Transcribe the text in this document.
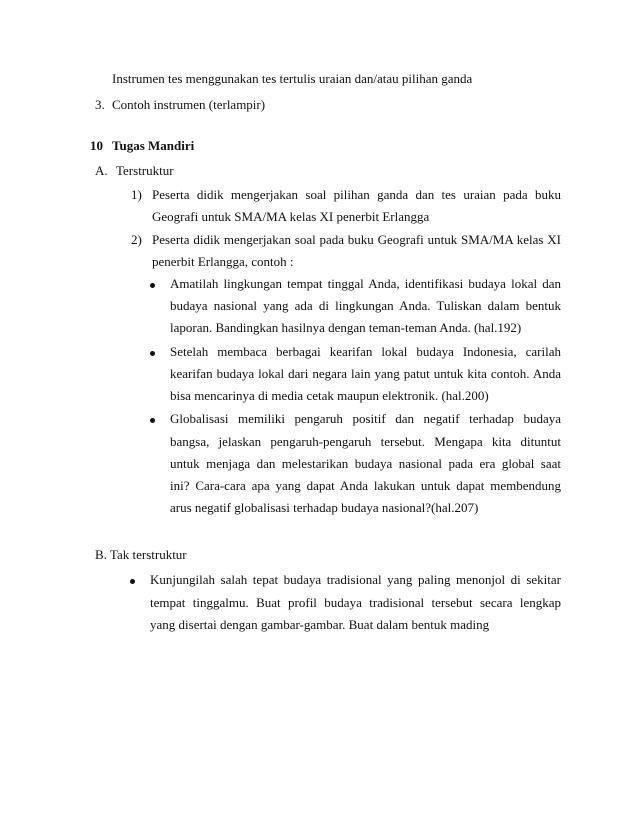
Instrumen tes menggunakan tes tertulis uraian dan/atau pilihan ganda
3. Contoh instrumen (terlampir)
10 Tugas Mandiri
A. Terstruktur
1) Peserta didik mengerjakan soal pilihan ganda dan tes uraian pada buku
Geografi untuk SMA/MA kelas XI penerbit Erlangga
2) Peserta didik mengerjakan soal pada buku Geografi untuk SMA/MA kelas XI
penerbit Erlangga, contoh :
Amatilah lingkungan tempat tinggal Anda, identifikasi budaya lokal dan
budaya nasional yang ada di lingkungan Anda. Tuliskan dalam bentuk
laporan. Bandingkan hasilnya dengan teman-teman Anda. (hal.192)
Setelah membaca berbagai kearifan lokal budaya Indonesia, carilah
kearifan budaya lokal dari negara lain yang patut untuk kita contoh. Anda
bisa mencarinya di media cetak maupun elektronik. (hal.200)
Globalisasi memiliki pengaruh positif dan negatif terhadap budaya
bangsa, jelaskan pengaruh-pengaruh tersebut. Mengapa kita dituntut
untuk menjaga dan melestarikan budaya nasional pada era global saat
ini? Cara-cara apa yang dapat Anda lakukan untuk dapat membendung
arus negatif globalisasi terhadap budaya nasional?(hal.207)
B. Tak terstruktur
Kunjungilah salah tepat budaya tradisional yang paling menonjol di sekitar
tempat tinggalmu. Buat profil budaya tradisional tersebut secara lengkap
yang disertai dengan gambar-gambar. Buat dalam bentuk mading
